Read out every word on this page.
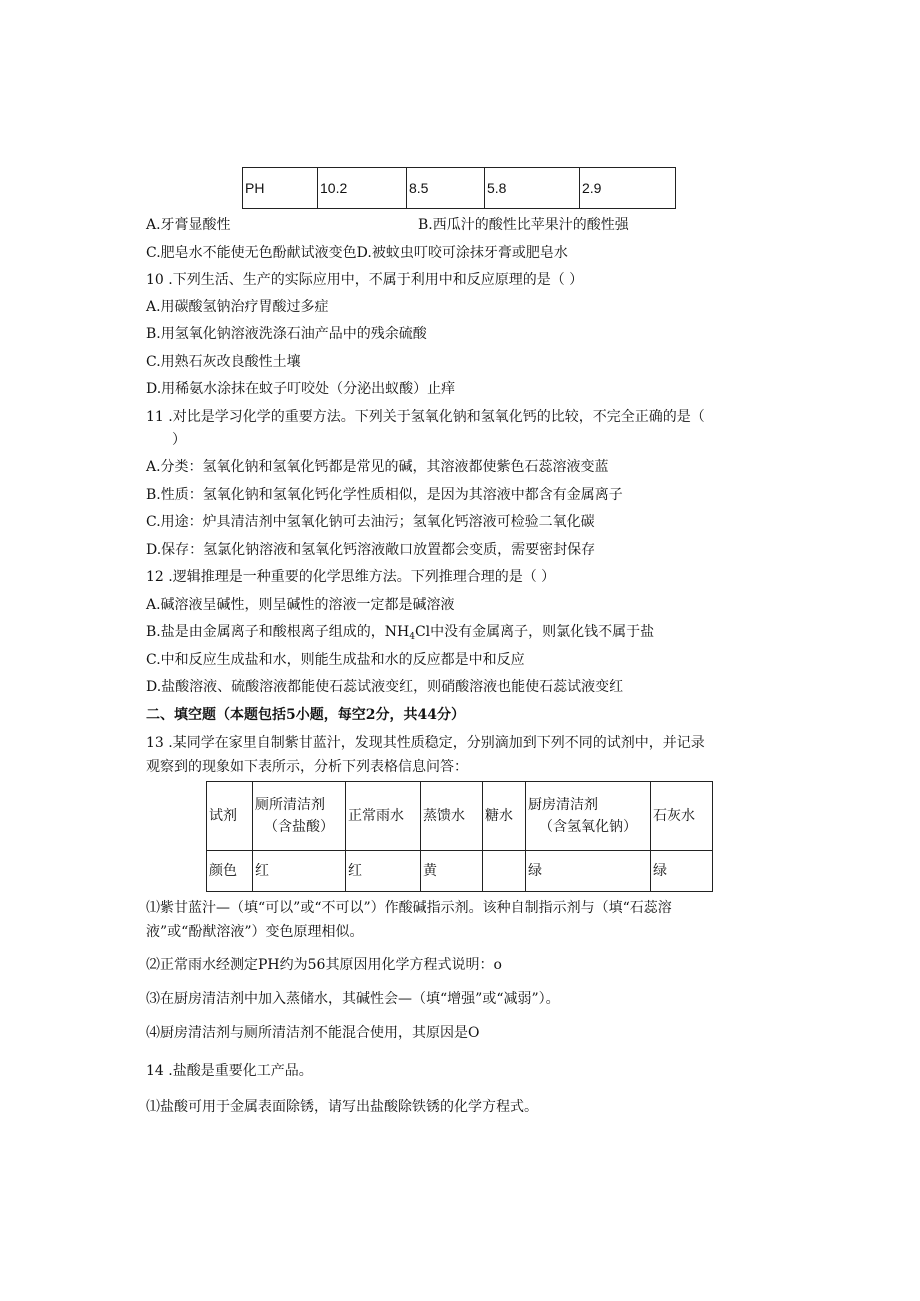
PH	10.2	8.5	5.8	2.9
A.牙膏显酸性	B.西瓜汁的酸性比苹果汁的酸性强
C.肥皂水不能使无色酚献试液变色D.被蚊虫叮咬可涂抹牙膏或肥皂水
10 .下列生活、生产的实际应用中，不属于利用中和反应原理的是（ ）
A.用碳酸氢钠治疗胃酸过多症
B.用氢氧化钠溶液洗涤石油产品中的残余硫酸
C.用熟石灰改良酸性土壤
D.用稀氨水涂抹在蚊子叮咬处（分泌出蚁酸）止痒
11 .对比是学习化学的重要方法。下列关于氢氧化钠和氢氧化钙的比较，不完全正确的是（
）
A.分类：氢氧化钠和氢氧化钙都是常见的碱，其溶液都使紫色石蕊溶液变蓝
B.性质：氢氧化钠和氢氧化钙化学性质相似，是因为其溶液中都含有金属离子
C.用途：炉具清洁剂中氢氧化钠可去油污；氢氧化钙溶液可检验二氧化碳
D.保存：氢氯化钠溶液和氢氧化钙溶液敞口放置都会变质，需要密封保存
12 .逻辑推理是一种重要的化学思维方法。下列推理合理的是（ ）
A.碱溶液呈碱性，则呈碱性的溶液一定都是碱溶液
B.盐是由金属离子和酸根离子组成的，$NH_4Cl$中没有金属离子，则氯化钱不属于盐
C.中和反应生成盐和水，则能生成盐和水的反应都是中和反应
D.盐酸溶液、硫酸溶液都能使石蕊试液变红，则硝酸溶液也能使石蕊试液变红
二、填空题（本题包括5小题，每空2分，共44分）
13 .某同学在家里自制紫甘蓝汁，发现其性质稳定，分别滴加到下列不同的试剂中，并记录
观察到的现象如下表所示，分析下列表格信息问答：
试剂	厕所清洁剂
（含盐酸）	正常雨水	蒸馈水	糖水	厨房清洁剂
（含氢氧化钠）	石灰水
颜色	红	红	黄		绿	绿
⑴紫甘蓝汁—（填“可以”或“不可以”）作酸碱指示剂。该种自制指示剂与（填“石蕊溶
液”或“酚猷溶液”）变色原理相似。
⑵正常雨水经测定PH约为56其原因用化学方程式说明：o
⑶在厨房清洁剂中加入蒸储水，其碱性会—（填“增强”或“减弱”）。
⑷厨房清洁剂与厕所清洁剂不能混合使用，其原因是O
14 .盐酸是重要化工产品。
⑴盐酸可用于金属表面除锈，请写出盐酸除铁锈的化学方程式。
